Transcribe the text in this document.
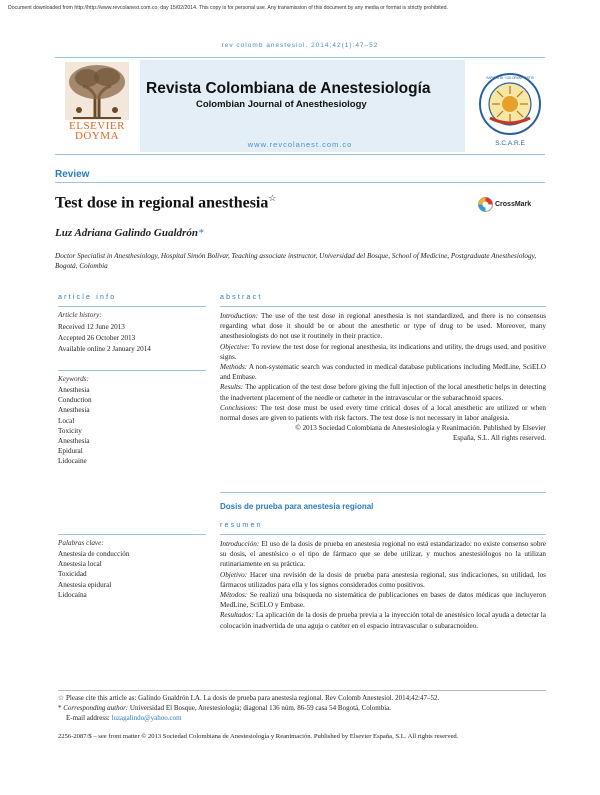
Document downloaded from http://http://www.revcolanest.com.co, day 15/02/2014. This copy is for personal use. Any transmission of this document by any media or format is strictly prohibited.
rev colomb anestesiol. 2014;42(1):47–52
ELSEVIER
DOYMA
Revista Colombiana de Anestesiología
Colombian Journal of Anesthesiology
www.revcolanest.com.co	S.C.A.R.E
SAPIENTIA · DOLORUM · ARTIS
Review
Test dose in regional anesthesia☆
CrossMark
Luz Adriana Galindo Gualdrón*
Doctor Specialist in Anesthesiology, Hospital Simón Bolívar, Teaching associate instructor, Universidad del Bosque, School of Medicine, Postgraduate Anesthesiology, Bogotá, Colombia
article info
Article history:
Received 12 June 2013
Accepted 26 October 2013
Available online 2 January 2014
Keywords:
Anesthesia
Conduction
Anesthesia
Local
Toxicity
Anesthesia
Epidural
Lidocaine
abstract

Introduction: The use of the test dose in regional anesthesia is not standardized, and there is no consensus regarding what dose it should be or about the anesthetic or type of drug to be used. Moreover, many anesthesiologists do not use it routinely in their practice.

Objective: To review the test dose for regional anesthesia, its indications and utility, the drugs used, and positive signs.

Methods: A non-systematic search was conducted in medical database publications including MedLine, SciELO and Embase.

Results: The application of the test dose before giving the full injection of the local anesthetic helps in detecting the inadvertent placement of the needle or catheter in the intravascular or the subarachnoid spaces.

Conclusions: The test dose must be used every time critical doses of a local anesthetic are utilized or when normal doses are given to patients with risk factors. The test dose is not necessary in labor analgesia.

© 2013 Sociedad Colombiana de Anestesiología y Reanimación. Published by Elsevier

España, S.L. All rights reserved.

Dosis de prueba para anestesia regional
resumen
Palabras clave:
Anestesia de conducción
Anestesia local
Toxicidad
Anestesia epidural
Lidocaína

Introducción: El uso de la dosis de prueba en anestesia regional no está estandarizado: no existe consenso sobre su dosis, el anestésico o el tipo de fármaco que se debe utilizar, y muchos anestesiólogos no la utilizan rutinariamente en su práctica.

Objetivo: Hacer una revisión de la dosis de prueba para anestesia regional, sus indicaciones, su utilidad, los fármacos utilizados para ella y los signos considerados como positivos.

Métodos: Se realizó una búsqueda no sistemática de publicaciones en bases de datos médicas que incluyeron MedLine, SciELO y Embase.

Resultados: La aplicación de la dosis de prueba previa a la inyección total de anestésico local ayuda a detectar la colocación inadvertida de una aguja o catéter en el espacio intravascular o subaracnoideo.

☆ Please cite this article as: Galindo Gualdrón LA. La dosis de prueba para anestesia regional. Rev Colomb Anestesiol. 2014;42:47–52.
* Corresponding author: Universidad El Bosque, Anestesiología; diagonal 136 núm. 86-59 casa 54 Bogotá, Colombia.
E-mail address: luzagalindo@yahoo.com
2256-2087/$ – see front matter © 2013 Sociedad Colombiana de Anestesiología y Reanimación. Published by Elsevier España, S.L. All rights reserved.
